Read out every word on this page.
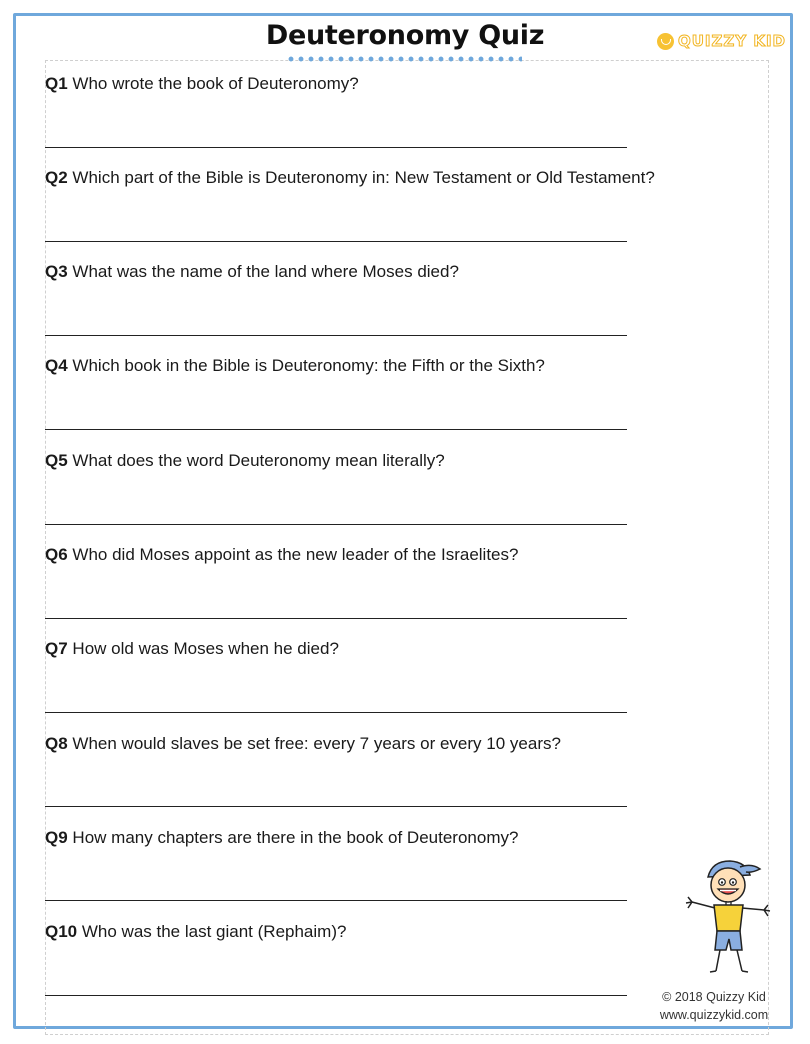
Deuteronomy Quiz	QUIZZY KID
Q1 Who wrote the book of Deuteronomy?
Q2 Which part of the Bible is Deuteronomy in: New Testament or Old Testament?
Q3 What was the name of the land where Moses died?
Q4 Which book in the Bible is Deuteronomy: the Fifth or the Sixth?
Q5 What does the word Deuteronomy mean literally?
Q6 Who did Moses appoint as the new leader of the Israelites?
Q7 How old was Moses when he died?
Q8 When would slaves be set free: every 7 years or every 10 years?
Q9 How many chapters are there in the book of Deuteronomy?
Q10 Who was the last giant (Rephaim)?
© 2018 Quizzy Kid
www.quizzykid.com
